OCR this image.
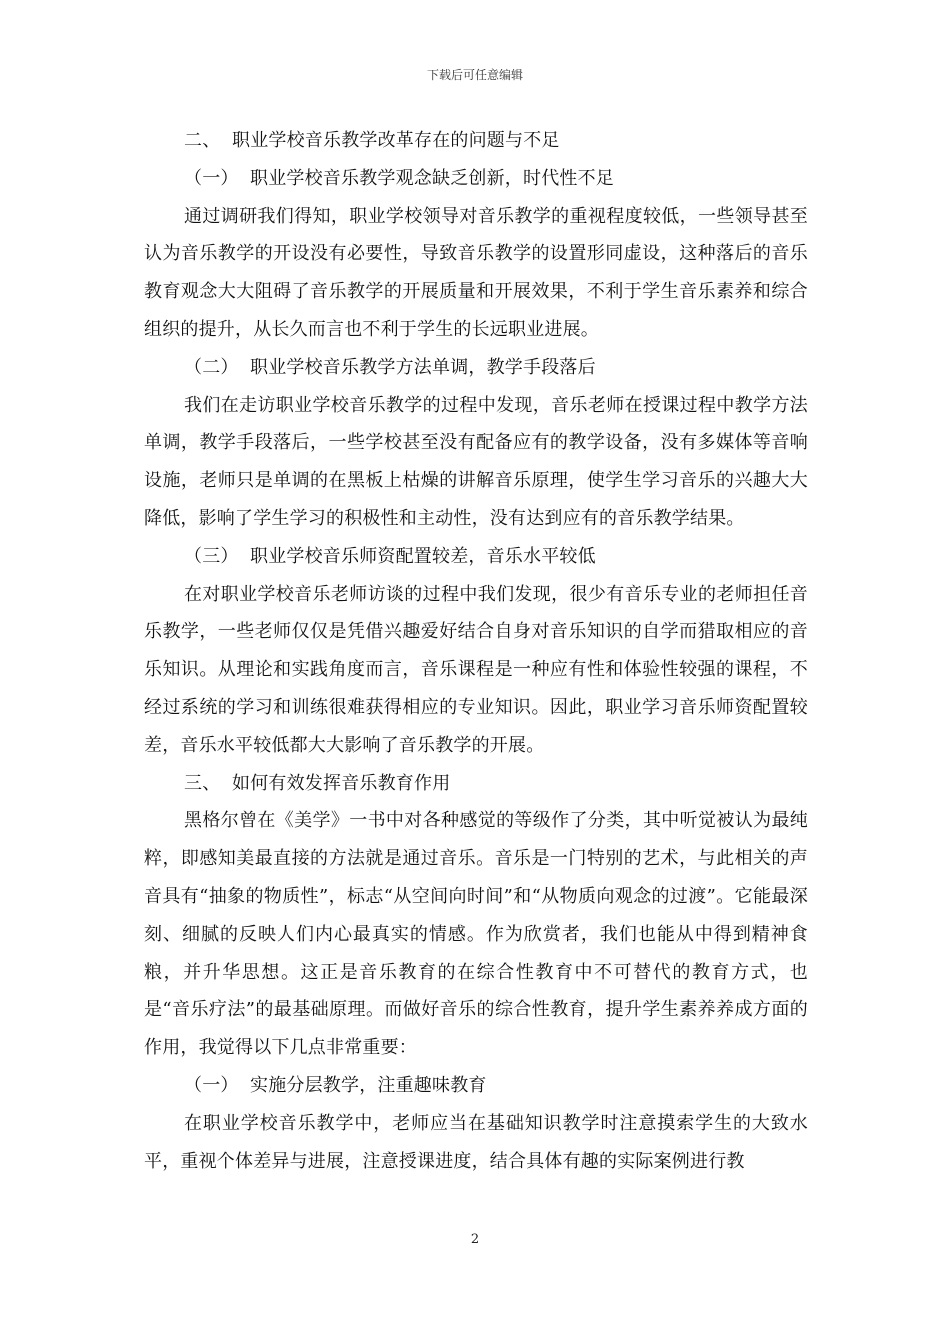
下载后可任意编辑

二、 职业学校音乐教学改革存在的问题与不足

（一） 职业学校音乐教学观念缺乏创新，时代性不足

通过调研我们得知，职业学校领导对音乐教学的重视程度较低，一些领导甚至认为音乐教学的开设没有必要性，导致音乐教学的设置形同虚设，这种落后的音乐教育观念大大阻碍了音乐教学的开展质量和开展效果，不利于学生音乐素养和综合组织的提升，从长久而言也不利于学生的长远职业进展。

（二） 职业学校音乐教学方法单调，教学手段落后

我们在走访职业学校音乐教学的过程中发现，音乐老师在授课过程中教学方法单调，教学手段落后，一些学校甚至没有配备应有的教学设备，没有多媒体等音响设施，老师只是单调的在黑板上枯燥的讲解音乐原理，使学生学习音乐的兴趣大大降低，影响了学生学习的积极性和主动性，没有达到应有的音乐教学结果。

（三） 职业学校音乐师资配置较差，音乐水平较低

在对职业学校音乐老师访谈的过程中我们发现，很少有音乐专业的老师担任音乐教学，一些老师仅仅是凭借兴趣爱好结合自身对音乐知识的自学而猎取相应的音乐知识。从理论和实践角度而言，音乐课程是一种应有性和体验性较强的课程，不经过系统的学习和训练很难获得相应的专业知识。因此，职业学习音乐师资配置较差，音乐水平较低都大大影响了音乐教学的开展。

三、 如何有效发挥音乐教育作用

黑格尔曾在《美学》一书中对各种感觉的等级作了分类，其中听觉被认为最纯粹，即感知美最直接的方法就是通过音乐。音乐是一门特别的艺术，与此相关的声音具有“抽象的物质性”，标志“从空间向时间”和“从物质向观念的过渡”。它能最深刻、细腻的反映人们内心最真实的情感。作为欣赏者，我们也能从中得到精神食粮，并升华思想。这正是音乐教育的在综合性教育中不可替代的教育方式，也是“音乐疗法”的最基础原理。而做好音乐的综合性教育，提升学生素养养成方面的作用，我觉得以下几点非常重要：

（一） 实施分层教学，注重趣味教育

在职业学校音乐教学中，老师应当在基础知识教学时注意摸索学生的大致水平，重视个体差异与进展，注意授课进度，结合具体有趣的实际案例进行教

2
